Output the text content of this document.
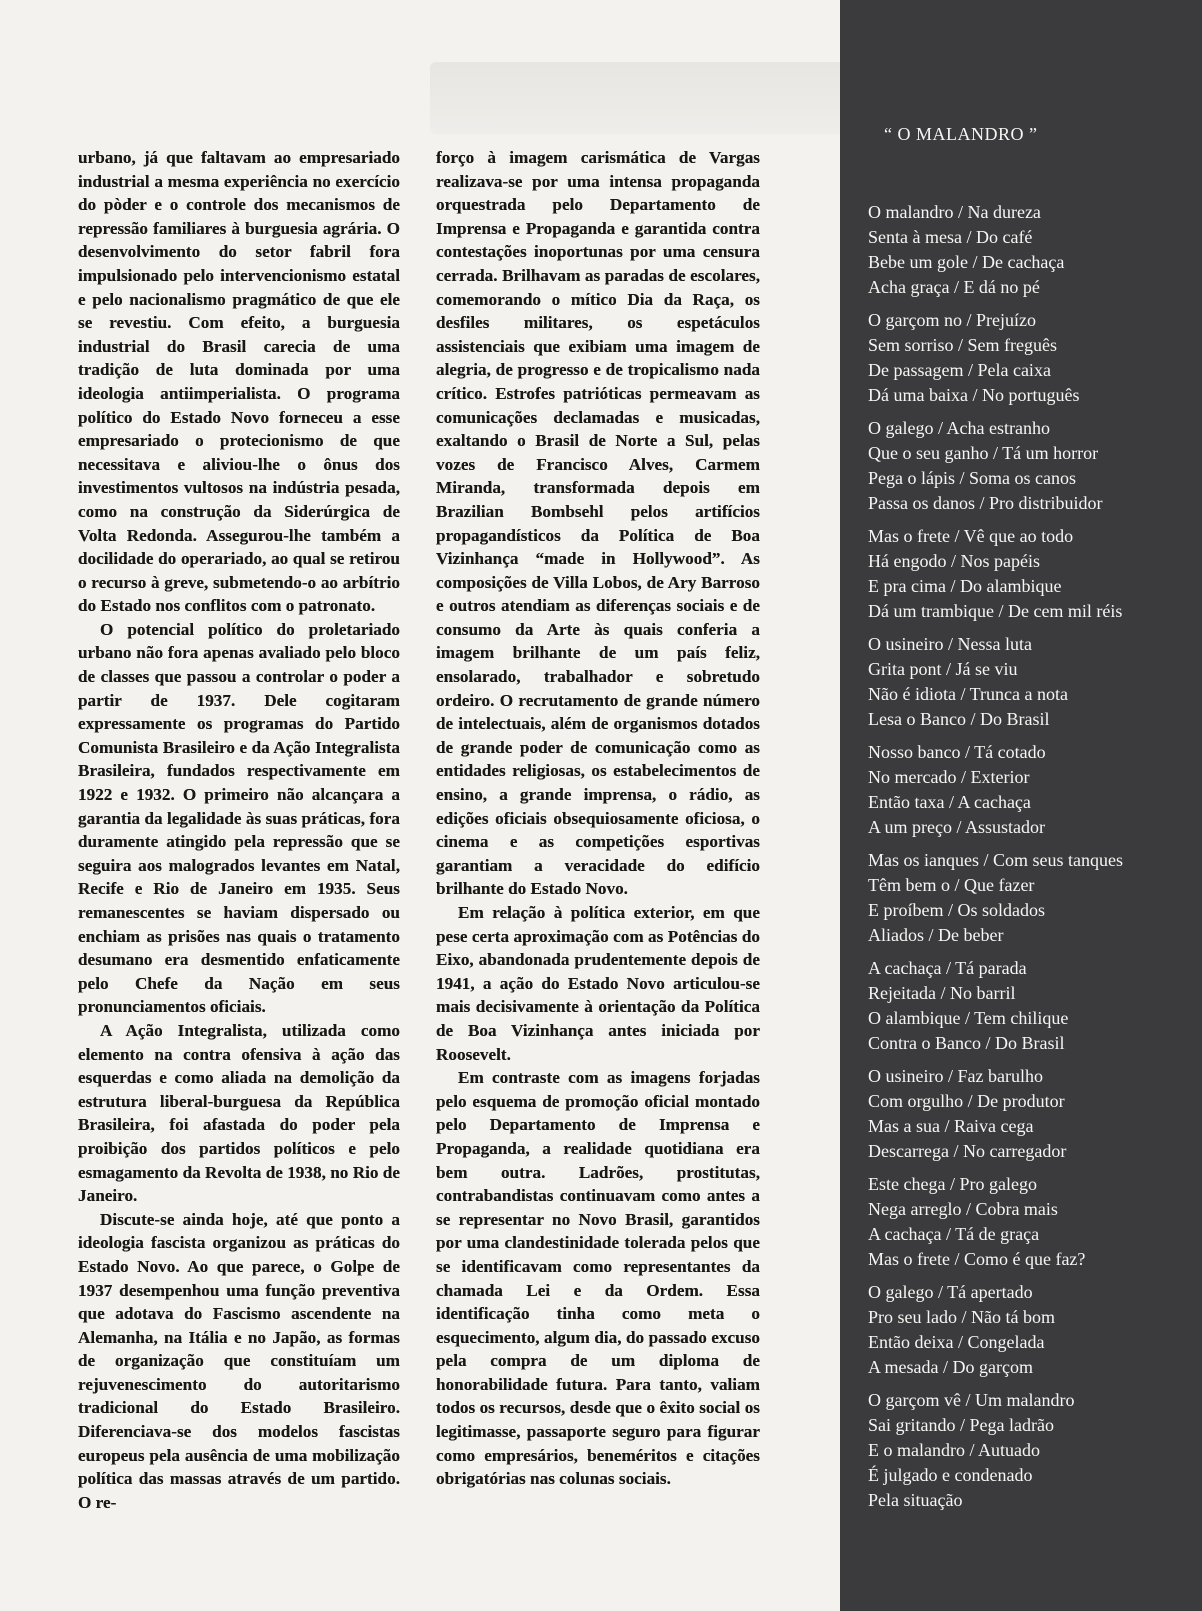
urbano, já que faltavam ao empresariado industrial a mesma experiência no exercício do pòder e o controle dos mecanismos de repressão familiares à burguesia agrária. O desenvolvimento do setor fabril fora impulsionado pelo intervencionismo estatal e pelo nacionalismo pragmático de que ele se revestiu. Com efeito, a burguesia industrial do Brasil carecia de uma tradição de luta dominada por uma ideologia antiimperialista. O programa político do Estado Novo forneceu a esse empresariado o protecionismo de que necessitava e aliviou-lhe o ônus dos investimentos vultosos na indústria pesada, como na construção da Siderúrgica de Volta Redonda. Assegurou-lhe também a docilidade do operariado, ao qual se retirou o recurso à greve, submetendo-o ao arbítrio do Estado nos conflitos com o patronato.

O potencial político do proletariado urbano não fora apenas avaliado pelo bloco de classes que passou a controlar o poder a partir de 1937. Dele cogitaram expressamente os programas do Partido Comunista Brasileiro e da Ação Integralista Brasileira, fundados respectivamente em 1922 e 1932. O primeiro não alcançara a garantia da legalidade às suas práticas, fora duramente atingido pela repressão que se seguira aos malogrados levantes em Natal, Recife e Rio de Janeiro em 1935. Seus remanescentes se haviam dispersado ou enchiam as prisões nas quais o tratamento desumano era desmentido enfaticamente pelo Chefe da Nação em seus pronunciamentos oficiais.

A Ação Integralista, utilizada como elemento na contra ofensiva à ação das esquerdas e como aliada na demolição da estrutura liberal-burguesa da República Brasileira, foi afastada do poder pela proibição dos partidos políticos e pelo esmagamento da Revolta de 1938, no Rio de Janeiro.

Discute-se ainda hoje, até que ponto a ideologia fascista organizou as práticas do Estado Novo. Ao que parece, o Golpe de 1937 desempenhou uma função preventiva que adotava do Fascismo ascendente na Alemanha, na Itália e no Japão, as formas de organização que constituíam um rejuvenescimento do autoritarismo tradicional do Estado Brasileiro. Diferenciava-se dos modelos fascistas europeus pela ausência de uma mobilização política das massas através de um partido. O re-

forço à imagem carismática de Vargas realizava-se por uma intensa propaganda orquestrada pelo Departamento de Imprensa e Propaganda e garantida contra contestações inoportunas por uma censura cerrada. Brilhavam as paradas de escolares, comemorando o mítico Dia da Raça, os desfiles militares, os espetáculos assistenciais que exibiam uma imagem de alegria, de progresso e de tropicalismo nada crítico. Estrofes patrióticas permeavam as comunicações declamadas e musicadas, exaltando o Brasil de Norte a Sul, pelas vozes de Francisco Alves, Carmem Miranda, transformada depois em Brazilian Bombsehl pelos artifícios propagandísticos da Política de Boa Vizinhança “made in Hollywood”. As composições de Villa Lobos, de Ary Barroso e outros atendiam as diferenças sociais e de consumo da Arte às quais conferia a imagem brilhante de um país feliz, ensolarado, trabalhador e sobretudo ordeiro. O recrutamento de grande número de intelectuais, além de organismos dotados de grande poder de comunicação como as entidades religiosas, os estabelecimentos de ensino, a grande imprensa, o rádio, as edições oficiais obsequiosamente oficiosa, o cinema e as competições esportivas garantiam a veracidade do edifício brilhante do Estado Novo.

Em relação à política exterior, em que pese certa aproximação com as Potências do Eixo, abandonada prudentemente depois de 1941, a ação do Estado Novo articulou-se mais decisivamente à orientação da Política de Boa Vizinhança antes iniciada por Roosevelt.

Em contraste com as imagens forjadas pelo esquema de promoção oficial montado pelo Departamento de Imprensa e Propaganda, a realidade quotidiana era bem outra. Ladrões, prostitutas, contrabandistas continuavam como antes a se representar no Novo Brasil, garantidos por uma clandestinidade tolerada pelos que se identificavam como representantes da chamada Lei e da Ordem. Essa identificação tinha como meta o esquecimento, algum dia, do passado excuso pela compra de um diploma de honorabilidade futura. Para tanto, valiam todos os recursos, desde que o êxito social os legitimasse, passaporte seguro para figurar como empresários, beneméritos e citações obrigatórias nas colunas sociais.

“ O MALANDRO ”
O malandro / Na dureza
Senta à mesa / Do café
Bebe um gole / De cachaça
Acha graça / E dá no pé
O garçom no / Prejuízo
Sem sorriso / Sem freguês
De passagem / Pela caixa
Dá uma baixa / No português
O galego / Acha estranho
Que o seu ganho / Tá um horror
Pega o lápis / Soma os canos
Passa os danos / Pro distribuidor
Mas o frete / Vê que ao todo
Há engodo / Nos papéis
E pra cima / Do alambique
Dá um trambique / De cem mil réis
O usineiro / Nessa luta
Grita pont / Já se viu
Não é idiota / Trunca a nota
Lesa o Banco / Do Brasil
Nosso banco / Tá cotado
No mercado / Exterior
Então taxa / A cachaça
A um preço / Assustador
Mas os ianques / Com seus tanques
Têm bem o / Que fazer
E proíbem / Os soldados
Aliados / De beber
A cachaça / Tá parada
Rejeitada / No barril
O alambique / Tem chilique
Contra o Banco / Do Brasil
O usineiro / Faz barulho
Com orgulho / De produtor
Mas a sua / Raiva cega
Descarrega / No carregador
Este chega / Pro galego
Nega arreglo / Cobra mais
A cachaça / Tá de graça
Mas o frete / Como é que faz?
O galego / Tá apertado
Pro seu lado / Não tá bom
Então deixa / Congelada
A mesada / Do garçom
O garçom vê / Um malandro
Sai gritando / Pega ladrão
E o malandro / Autuado
É julgado e condenado
Pela situação
